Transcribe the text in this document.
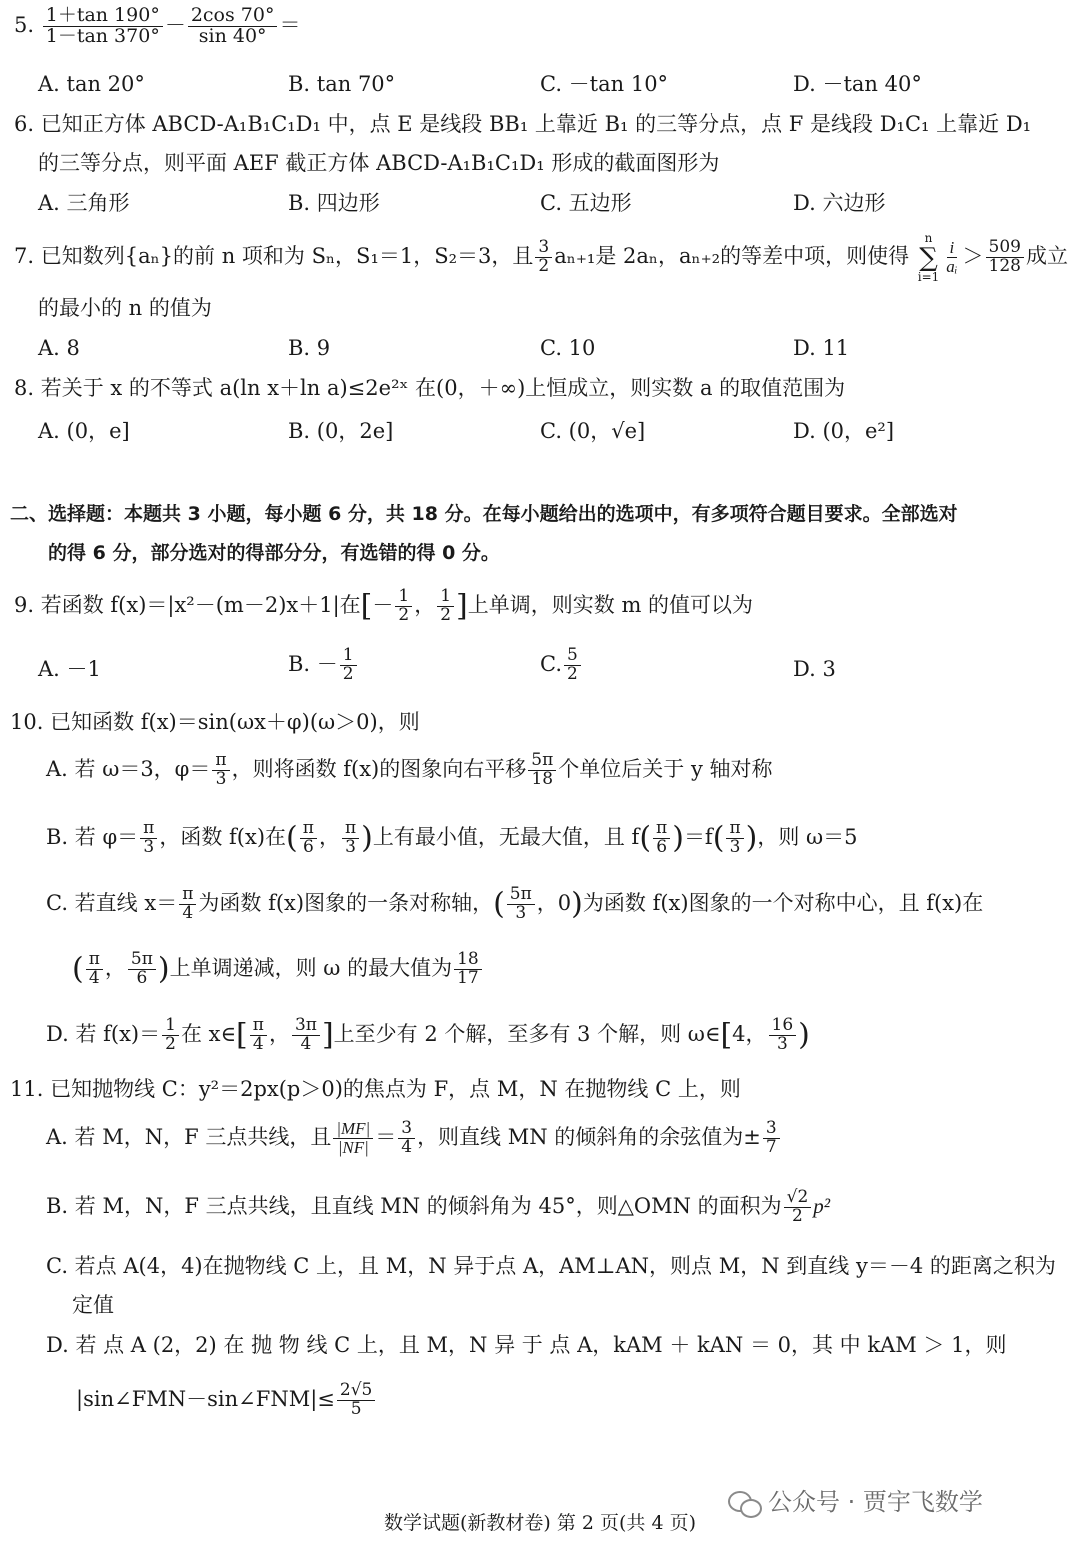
5. $\frac{1+\tan 190^\circ}{1-\tan 370^\circ} - \frac{2\cos 70^\circ}{\sin 40^\circ}$ ＝
A. tan 20°	B. tan 70°	C. －tan 10°	D. －tan 40°
6. 已知正方体 ABCD-A₁B₁C₁D₁ 中，点 E 是线段 BB₁ 上靠近 B₁ 的三等分点，点 F 是线段 D₁C₁ 上靠近 D₁
的三等分点，则平面 AEF 截正方体 ABCD-A₁B₁C₁D₁ 形成的截面图形为
A. 三角形	B. 四边形	C. 五边形	D. 六边形
7. 已知数列{aₙ}的前 n 项和为 Sₙ，S₁＝1，S₂＝3，且 $\frac{3}{2} a_{n+1}$是 2aₙ，aₙ₊₂的等差中项，则使得
n
∑
i=1
$\frac{i}{\text{aᵢ}} > \frac{509}{128}$ 成立
的最小的 n 的值为
A. 8	B. 9	C. 10	D. 11
8. 若关于 x 的不等式 a(ln x＋ln a)≤2e²ˣ 在(0，＋∞)上恒成立，则实数 a 的取值范围为
A. (0，e]	B. (0，2e]	C. (0，√e]	D. (0，e²]
二、选择题：本题共 3 小题，每小题 6 分，共 18 分。在每小题给出的选项中，有多项符合题目要求。全部选对
的得 6 分，部分选对的得部分分，有选错的得 0 分。
9. 若函数 f(x)＝|x²－(m－2)x＋1|在[－ $\frac{1}{2}$ ， $\frac{1}{2}$ ]上单调，则实数 m 的值可以为
A. －1	B. － $\frac{1}{2}$	C. $\frac{5}{2}$	D. 3
10. 已知函数 f(x)＝sin(ωx＋φ)(ω＞0)，则
A. 若 ω＝3，$\varphi= \frac{\pi}{3}$ ，则将函数 f(x)的图象向右平移 $\frac{5\pi}{18}$ 个单位后关于 y 轴对称
B. 若 $\varphi= \frac{\pi}{3}$ ，函数 f(x)在( $\frac{\pi}{6}$ ， $\frac{\pi}{3}$ )上有最小值，无最大值，且 $f( \frac{\pi}{6} )=f( \frac{\pi}{3}$ )，则 ω＝5
C. 若直线 $x= \frac{\pi}{4}$ 为函数 f(x)图象的一条对称轴，( $\frac{5\pi}{3}$ ，0)为函数 f(x)图象的一个对称中心，且 f(x)在
( $\frac{\pi}{4}$ ， $\frac{5\pi}{6}$ )上单调递减，则 ω 的最大值为 $\frac{18}{17}$
D. 若 $f(x)= \frac{1}{2}$ 在 x∈[ $\frac{\pi}{4}$ ， $\frac{3\pi}{4}$ ]上至少有 2 个解，至多有 3 个解，则 ω∈[4， $\frac{16}{3}$ )
11. 已知抛物线 C：y²＝2px(p＞0)的焦点为 F，点 M，N 在抛物线 C 上，则
A. 若 M，N，F 三点共线，且 $\frac{|MF|}{|NF|} = \frac{3}{4}$ ，则直线 MN 的倾斜角的余弦值为± $\frac{3}{7}$
B. 若 M，N，F 三点共线，且直线 MN 的倾斜角为 45°，则△OMN 的面积为 $\frac{√2}{2} p^2$
C. 若点 A(4，4)在抛物线 C 上，且 M，N 异于点 A，AM⊥AN，则点 M，N 到直线 y＝－4 的距离之积为
定值
D. 若 点 A (2，2) 在 抛 物 线 C 上，且 M，N 异 于 点 A，kAM ＋ kAN ＝ 0，其 中 kAM ＞ 1，则
|sin∠FMN－sin∠FNM|≤ $\frac{2√5}{5}$
公众号 · 贾宇飞数学
数学试题(新教材卷) 第 2 页(共 4 页)
